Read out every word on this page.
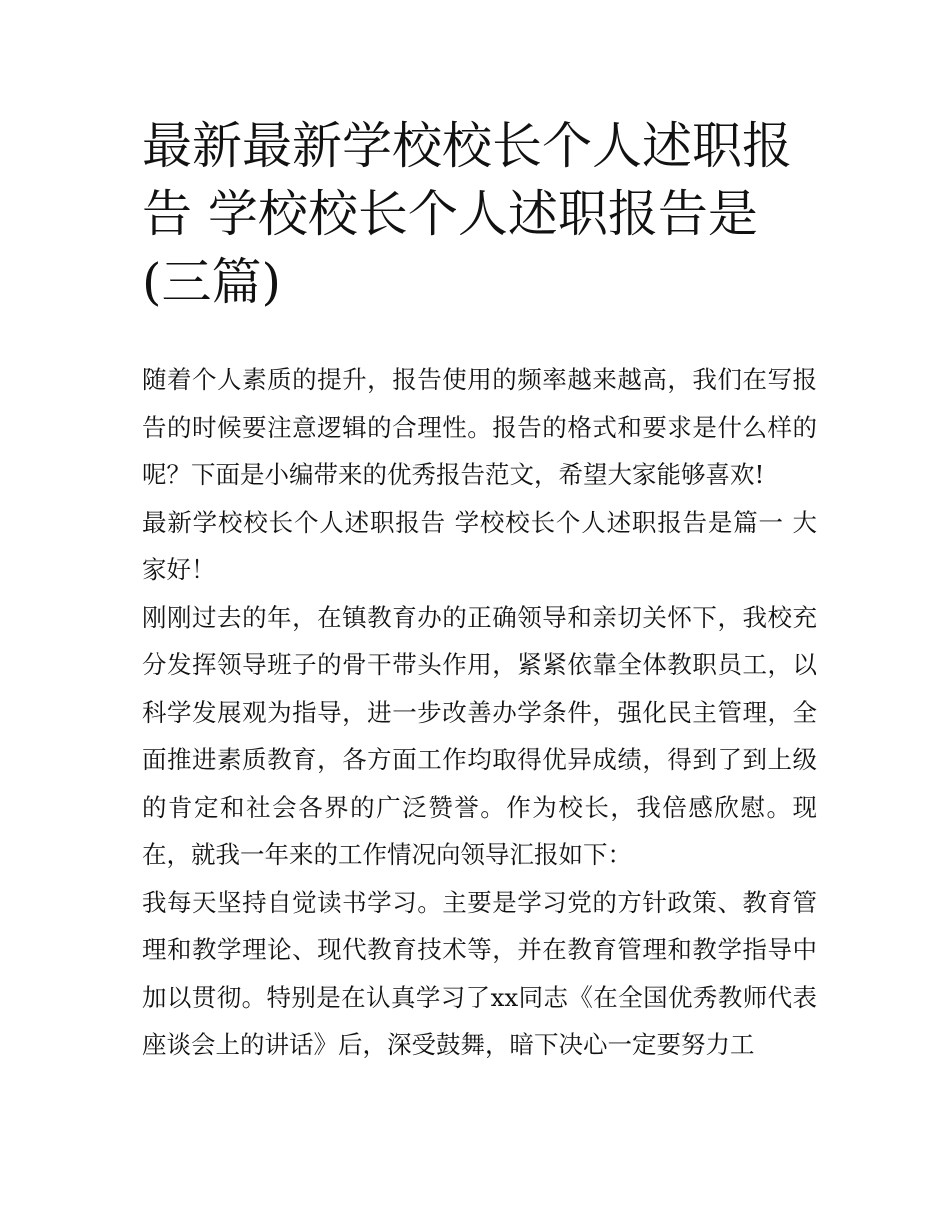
最新最新学校校长个人述职报告 学校校长个人述职报告是(三篇)

随着个人素质的提升，报告使用的频率越来越高，我们在写报告的时候要注意逻辑的合理性。报告的格式和要求是什么样的呢？下面是小编带来的优秀报告范文，希望大家能够喜欢!

最新学校校长个人述职报告 学校校长个人述职报告是篇一 大家好！

刚刚过去的年，在镇教育办的正确领导和亲切关怀下，我校充分发挥领导班子的骨干带头作用，紧紧依靠全体教职员工，以科学发展观为指导，进一步改善办学条件，强化民主管理，全面推进素质教育，各方面工作均取得优异成绩，得到了到上级的肯定和社会各界的广泛赞誉。作为校长，我倍感欣慰。现在，就我一年来的工作情况向领导汇报如下：

我每天坚持自觉读书学习。主要是学习党的方针政策、教育管理和教学理论、现代教育技术等，并在教育管理和教学指导中加以贯彻。特别是在认真学习了xx同志《在全国优秀教师代表座谈会上的讲话》后，深受鼓舞，暗下决心一定要努力工
